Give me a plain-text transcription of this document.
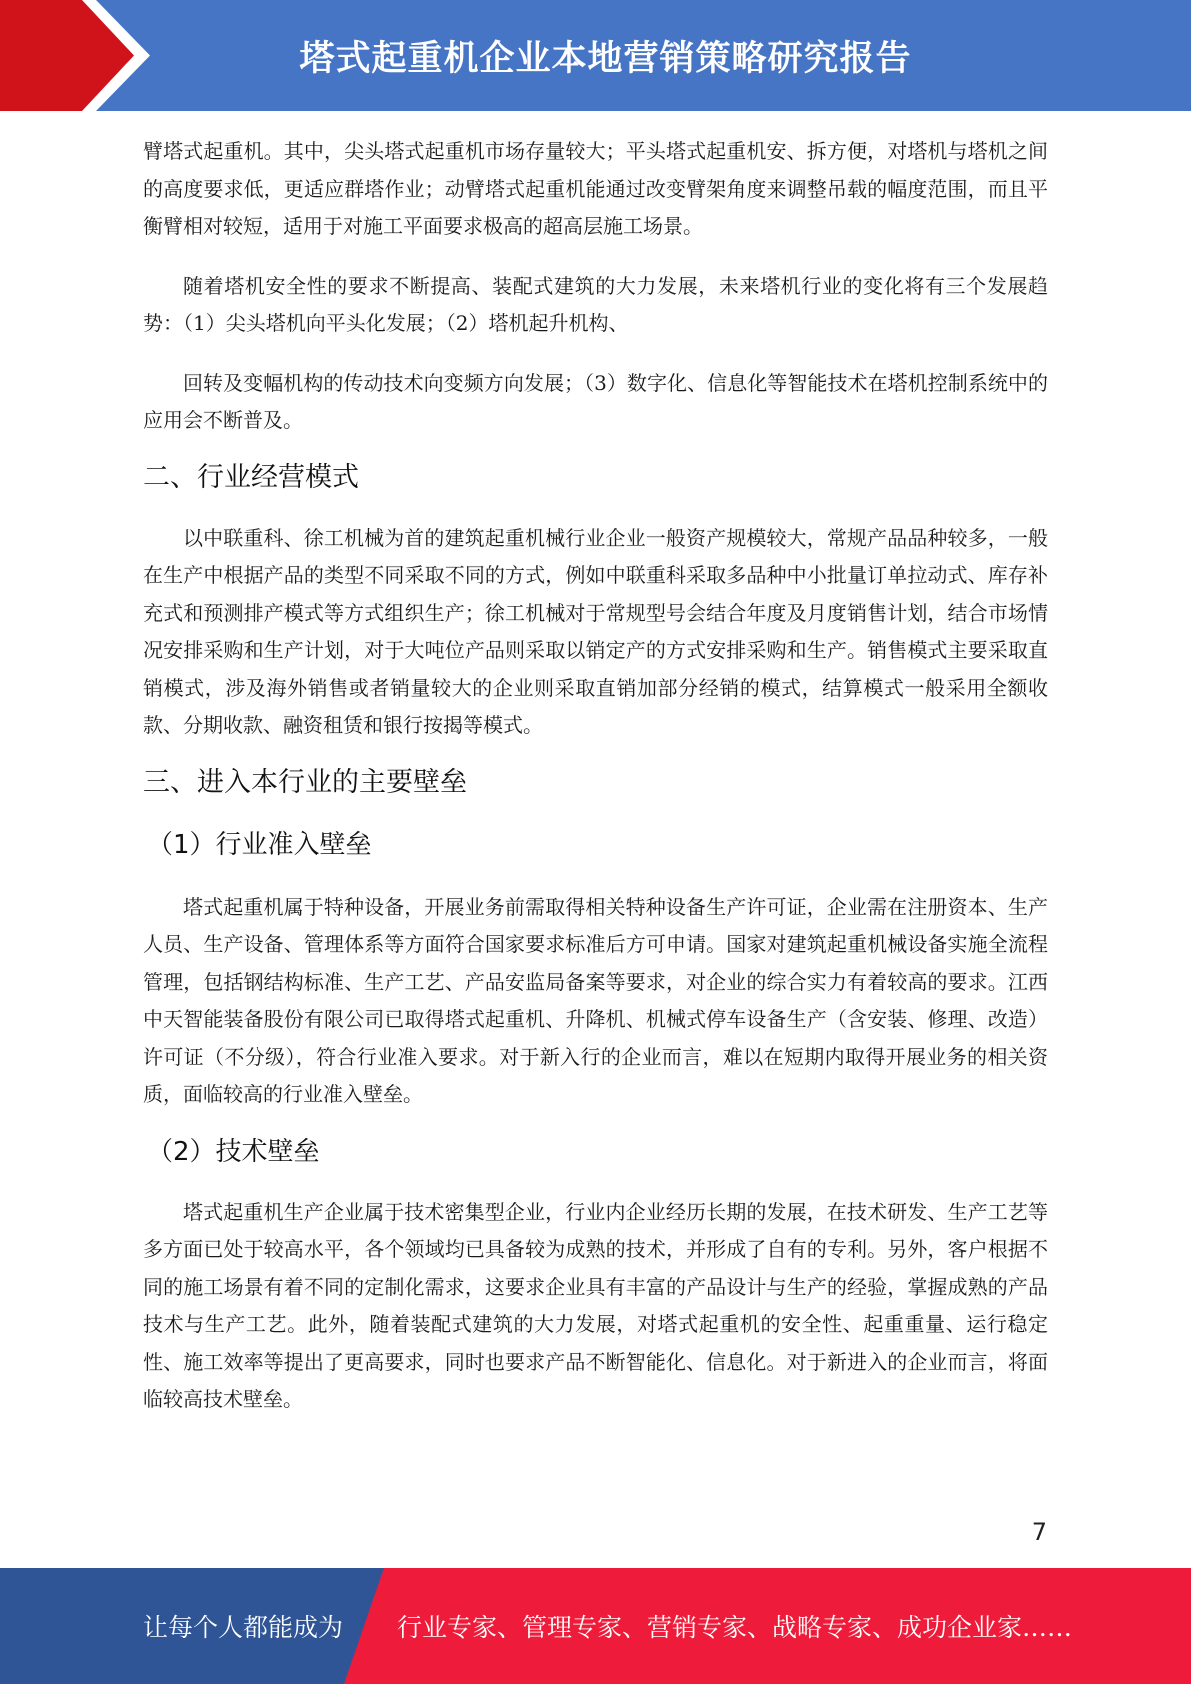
塔式起重机企业本地营销策略研究报告

臂塔式起重机。其中，尖头塔式起重机市场存量较大；平头塔式起重机安、拆方便，对塔机与塔机之间的高度要求低，更适应群塔作业；动臂塔式起重机能通过改变臂架角度来调整吊载的幅度范围，而且平衡臂相对较短，适用于对施工平面要求极高的超高层施工场景。

随着塔机安全性的要求不断提高、装配式建筑的大力发展，未来塔机行业的变化将有三个发展趋势：（1）尖头塔机向平头化发展；（2）塔机起升机构、

回转及变幅机构的传动技术向变频方向发展；（3）数字化、信息化等智能技术在塔机控制系统中的应用会不断普及。

二、行业经营模式

以中联重科、徐工机械为首的建筑起重机械行业企业一般资产规模较大，常规产品品种较多，一般在生产中根据产品的类型不同采取不同的方式，例如中联重科采取多品种中小批量订单拉动式、库存补充式和预测排产模式等方式组织生产；徐工机械对于常规型号会结合年度及月度销售计划，结合市场情况安排采购和生产计划，对于大吨位产品则采取以销定产的方式安排采购和生产。销售模式主要采取直销模式，涉及海外销售或者销量较大的企业则采取直销加部分经销的模式，结算模式一般采用全额收款、分期收款、融资租赁和银行按揭等模式。

三、进入本行业的主要壁垒
（1）行业准入壁垒

塔式起重机属于特种设备，开展业务前需取得相关特种设备生产许可证，企业需在注册资本、生产人员、生产设备、管理体系等方面符合国家要求标准后方可申请。国家对建筑起重机械设备实施全流程管理，包括钢结构标准、生产工艺、产品安监局备案等要求，对企业的综合实力有着较高的要求。江西中天智能装备股份有限公司已取得塔式起重机、升降机、机械式停车设备生产（含安装、修理、改造）许可证（不分级），符合行业准入要求。对于新入行的企业而言，难以在短期内取得开展业务的相关资质，面临较高的行业准入壁垒。

（2）技术壁垒

塔式起重机生产企业属于技术密集型企业，行业内企业经历长期的发展，在技术研发、生产工艺等多方面已处于较高水平，各个领域均已具备较为成熟的技术，并形成了自有的专利。另外，客户根据不同的施工场景有着不同的定制化需求，这要求企业具有丰富的产品设计与生产的经验，掌握成熟的产品技术与生产工艺。此外，随着装配式建筑的大力发展，对塔式起重机的安全性、起重重量、运行稳定性、施工效率等提出了更高要求，同时也要求产品不断智能化、信息化。对于新进入的企业而言，将面临较高技术壁垒。

7
让每个人都能成为 行业专家、管理专家、营销专家、战略专家、成功企业家……
